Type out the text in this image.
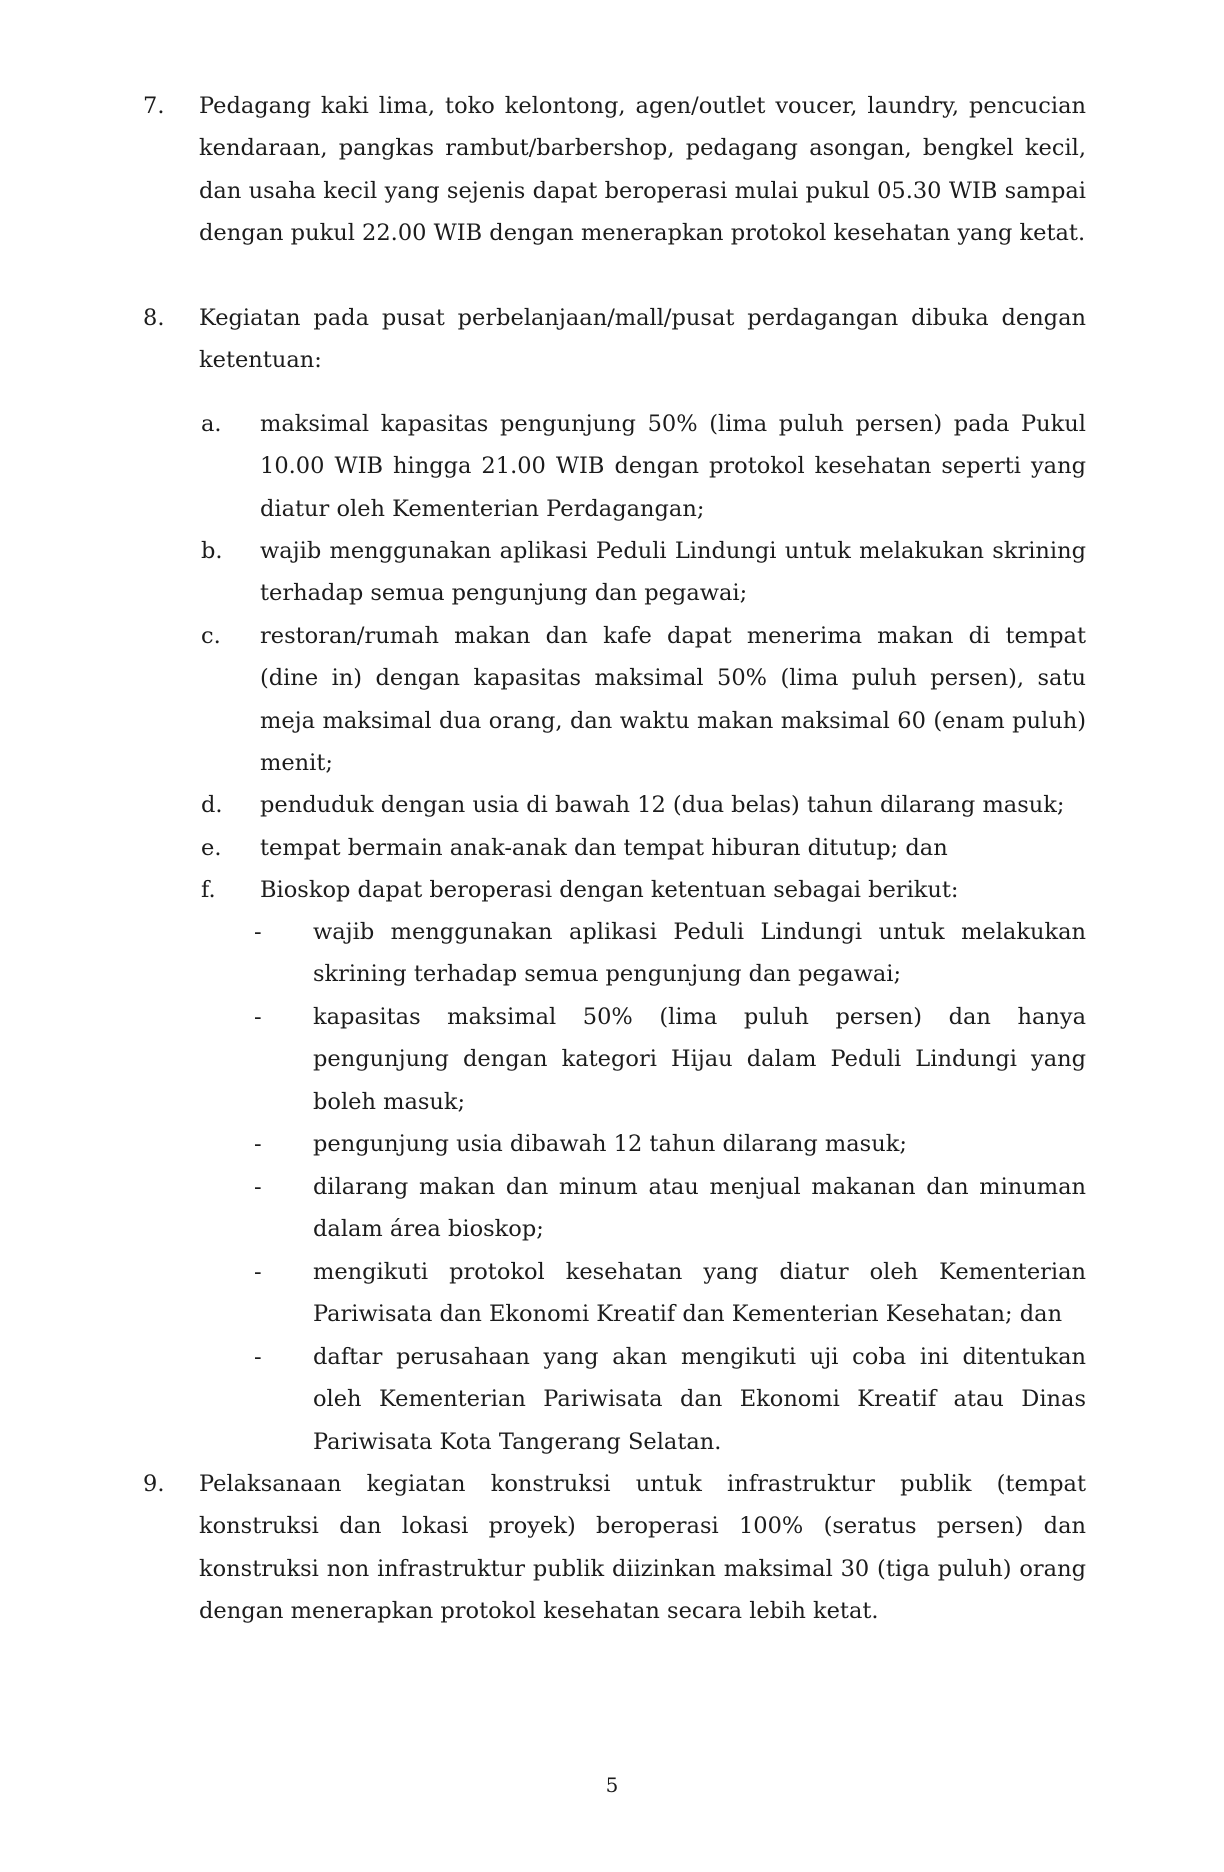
7. Pedagang kaki lima, toko kelontong, agen/outlet voucer, laundry, pencucian kendaraan, pangkas rambut/barbershop, pedagang asongan, bengkel kecil, dan usaha kecil yang sejenis dapat beroperasi mulai pukul 05.30 WIB sampai dengan pukul 22.00 WIB dengan menerapkan protokol kesehatan yang ketat.
8. Kegiatan pada pusat perbelanjaan/mall/pusat perdagangan dibuka dengan ketentuan:
a. maksimal kapasitas pengunjung 50% (lima puluh persen) pada Pukul 10.00 WIB hingga 21.00 WIB dengan protokol kesehatan seperti yang diatur oleh Kementerian Perdagangan;
b. wajib menggunakan aplikasi Peduli Lindungi untuk melakukan skrining terhadap semua pengunjung dan pegawai;
c. restoran/rumah makan dan kafe dapat menerima makan di tempat (dine in) dengan kapasitas maksimal 50% (lima puluh persen), satu meja maksimal dua orang, dan waktu makan maksimal 60 (enam puluh) menit;
d. penduduk dengan usia di bawah 12 (dua belas) tahun dilarang masuk;
e. tempat bermain anak-anak dan tempat hiburan ditutup; dan
f. Bioskop dapat beroperasi dengan ketentuan sebagai berikut:
- wajib menggunakan aplikasi Peduli Lindungi untuk melakukan skrining terhadap semua pengunjung dan pegawai;
- kapasitas maksimal 50% (lima puluh persen) dan hanya pengunjung dengan kategori Hijau dalam Peduli Lindungi yang boleh masuk;
- pengunjung usia dibawah 12 tahun dilarang masuk;
- dilarang makan dan minum atau menjual makanan dan minuman dalam área bioskop;
- mengikuti protokol kesehatan yang diatur oleh Kementerian Pariwisata dan Ekonomi Kreatif dan Kementerian Kesehatan; dan
- daftar perusahaan yang akan mengikuti uji coba ini ditentukan oleh Kementerian Pariwisata dan Ekonomi Kreatif atau Dinas Pariwisata Kota Tangerang Selatan.
9. Pelaksanaan kegiatan konstruksi untuk infrastruktur publik (tempat konstruksi dan lokasi proyek) beroperasi 100% (seratus persen) dan konstruksi non infrastruktur publik diizinkan maksimal 30 (tiga puluh) orang dengan menerapkan protokol kesehatan secara lebih ketat.
5
